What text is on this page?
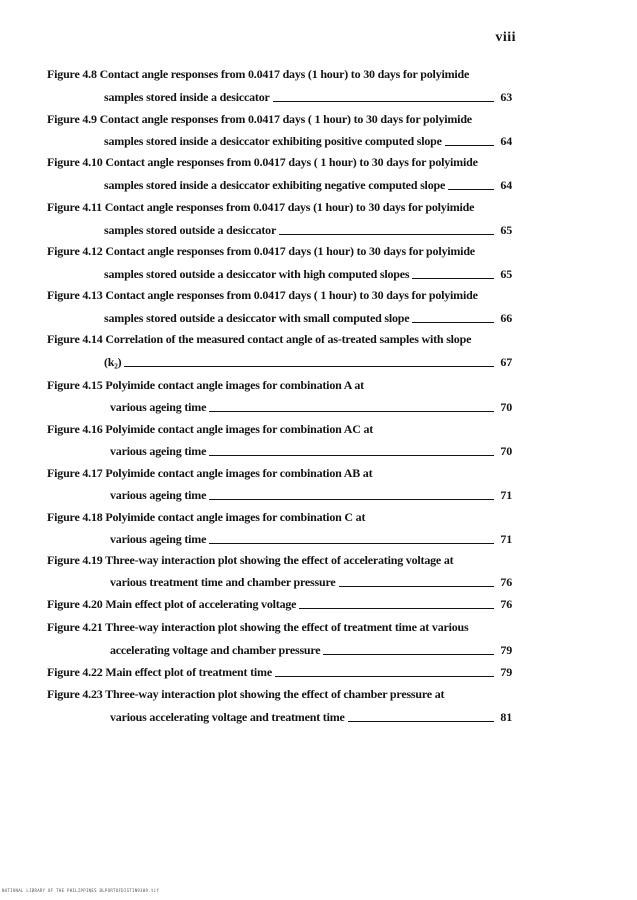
viii
Figure 4.8 Contact angle responses from 0.0417 days (1 hour) to 30 days for polyimide
samples stored inside a desiccator	63
Figure 4.9 Contact angle responses from 0.0417 days ( 1 hour) to 30 days for polyimide
samples stored inside a desiccator exhibiting positive computed slope	64
Figure 4.10 Contact angle responses from 0.0417 days ( 1 hour) to 30 days for polyimide
samples stored inside a desiccator exhibiting negative computed slope	64
Figure 4.11 Contact angle responses from 0.0417 days (1 hour) to 30 days for polyimide
samples stored outside a desiccator	65
Figure 4.12 Contact angle responses from 0.0417 days (1 hour) to 30 days for polyimide
samples stored outside a desiccator with high computed slopes	65
Figure 4.13 Contact angle responses from 0.0417 days ( 1 hour) to 30 days for polyimide
samples stored outside a desiccator with small computed slope	66
Figure 4.14 Correlation of the measured contact angle of as-treated samples with slope
(k₂)	67
Figure 4.15 Polyimide contact angle images for combination A at
various ageing time	70
Figure 4.16 Polyimide contact angle images for combination AC at
various ageing time	70
Figure 4.17 Polyimide contact angle images for combination AB at
various ageing time	71
Figure 4.18 Polyimide contact angle images for combination C at
various ageing time	71
Figure 4.19 Three-way interaction plot showing the effect of accelerating voltage at
various treatment time and chamber pressure	76
Figure 4.20 Main effect plot of accelerating voltage	76
Figure 4.21 Three-way interaction plot showing the effect of treatment time at various
accelerating voltage and chamber pressure	79
Figure 4.22 Main effect plot of treatment time	79
Figure 4.23 Three-way interaction plot showing the effect of chamber pressure at
various accelerating voltage and treatment time	81
NATIONAL LIBRARY OF THE PHILIPPINES BLPORTOFDISTIN9309.tif
